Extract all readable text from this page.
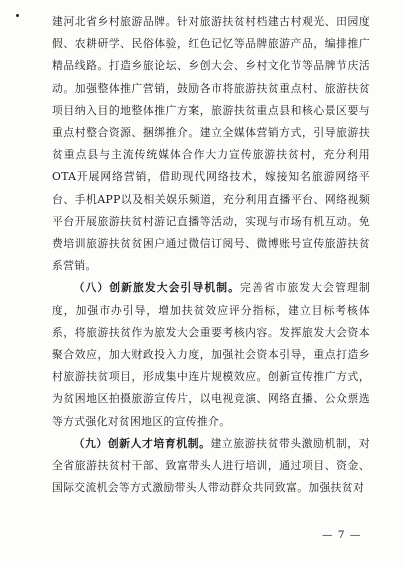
建河北省乡村旅游品牌。针对旅游扶贫村档建古村观光、田园度假、农耕研学、民俗体验，红色记忆等品牌旅游产品，编排推广精品线路。打造乡旅论坛、乡创大会、乡村文化节等品牌节庆活动。加强整体推广营销，鼓励各市将旅游扶贫重点村、旅游扶贫项目纳入目的地整体推广方案，旅游扶贫重点县和核心景区要与重点村整合资源、捆绑推介。建立全媒体营销方式，引导旅游扶贫重点县与主流传统媒体合作大力宣传旅游扶贫村，充分利用OTA开展网络营销，借助现代网络技术，嫁接知名旅游网络平台、手机APP以及相关娱乐频道，充分利用直播平台、网络视频平台开展旅游扶贫村游记直播等活动，实现与市场有机互动。免费培训旅游扶贫贫困户通过微信订阅号、微博账号宣传旅游扶贫系营销。

（八）创新旅发大会引导机制。完善省市旅发大会管理制度，加强市办引导，增加扶贫效应评分指标，建立目标考核体系，将旅游扶贫作为旅发大会重要考核内容。发挥旅发大会资本聚合效应，加大财政投入力度，加强社会资本引导，重点打造乡村旅游扶贫项目，形成集中连片规模效应。创新宣传推广方式，为贫困地区拍摄旅游宣传片，以电视竞演、网络直播、公众票选等方式强化对贫困地区的宣传推介。

（九）创新人才培育机制。建立旅游扶贫带头激励机制，对全省旅游扶贫村干部、致富带头人进行培训，通过项目、资金、国际交流机会等方式激励带头人带动群众共同致富。加强扶贫对

— 7 —
